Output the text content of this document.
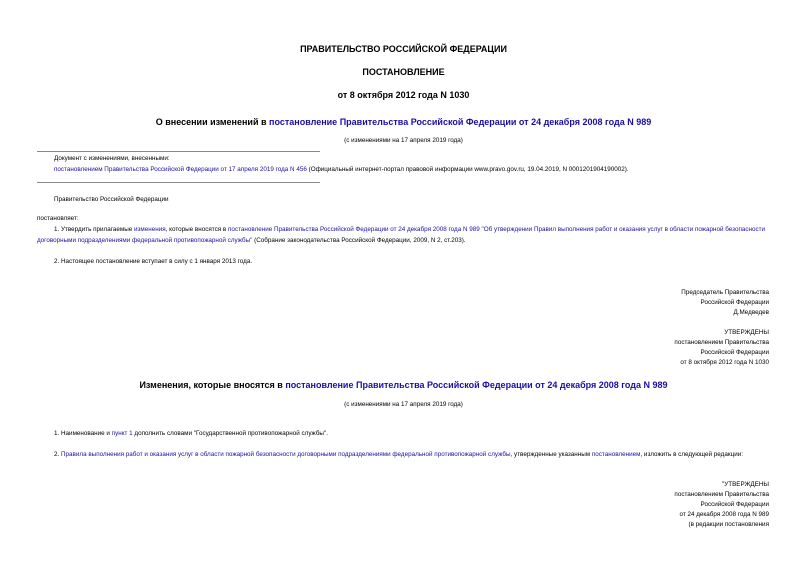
ПРАВИТЕЛЬСТВО РОССИЙСКОЙ ФЕДЕРАЦИИ
ПОСТАНОВЛЕНИЕ
от 8 октября 2012 года N 1030
О внесении изменений в постановление Правительства Российской Федерации от 24 декабря 2008 года N 989
(с изменениями на 17 апреля 2019 года)
Документ с изменениями, внесенными:
постановлением Правительства Российской Федерации от 17 апреля 2019 года N 456 (Официальный интернет-портал правовой информации www.pravo.gov.ru, 19.04.2019, N 0001201904190002).
Правительство Российской Федерации
постановляет:
1. Утвердить прилагаемые изменения, которые вносятся в постановление Правительства Российской Федерации от 24 декабря 2008 года N 989 "Об утверждении Правил выполнения работ и оказания услуг в области пожарной безопасности договорными подразделениями федеральной противопожарной службы" (Собрание законодательства Российской Федерации, 2009, N 2, ст.203).
2. Настоящее постановление вступает в силу с 1 января 2013 года.
Председатель Правительства
Российской Федерации
Д.Медведев
УТВЕРЖДЕНЫ
постановлением Правительства
Российской Федерации
от 8 октября 2012 года N 1030
Изменения, которые вносятся в постановление Правительства Российской Федерации от 24 декабря 2008 года N 989
(с изменениями на 17 апреля 2019 года)
1. Наименование и пункт 1 дополнить словами "Государственной противопожарной службы".
2. Правила выполнения работ и оказания услуг в области пожарной безопасности договорными подразделениями федеральной противопожарной службы, утвержденные указанным постановлением, изложить в следующей редакции:
"УТВЕРЖДЕНЫ
постановлением Правительства
Российской Федерации
от 24 декабря 2008 года N 989
(в редакции постановления
